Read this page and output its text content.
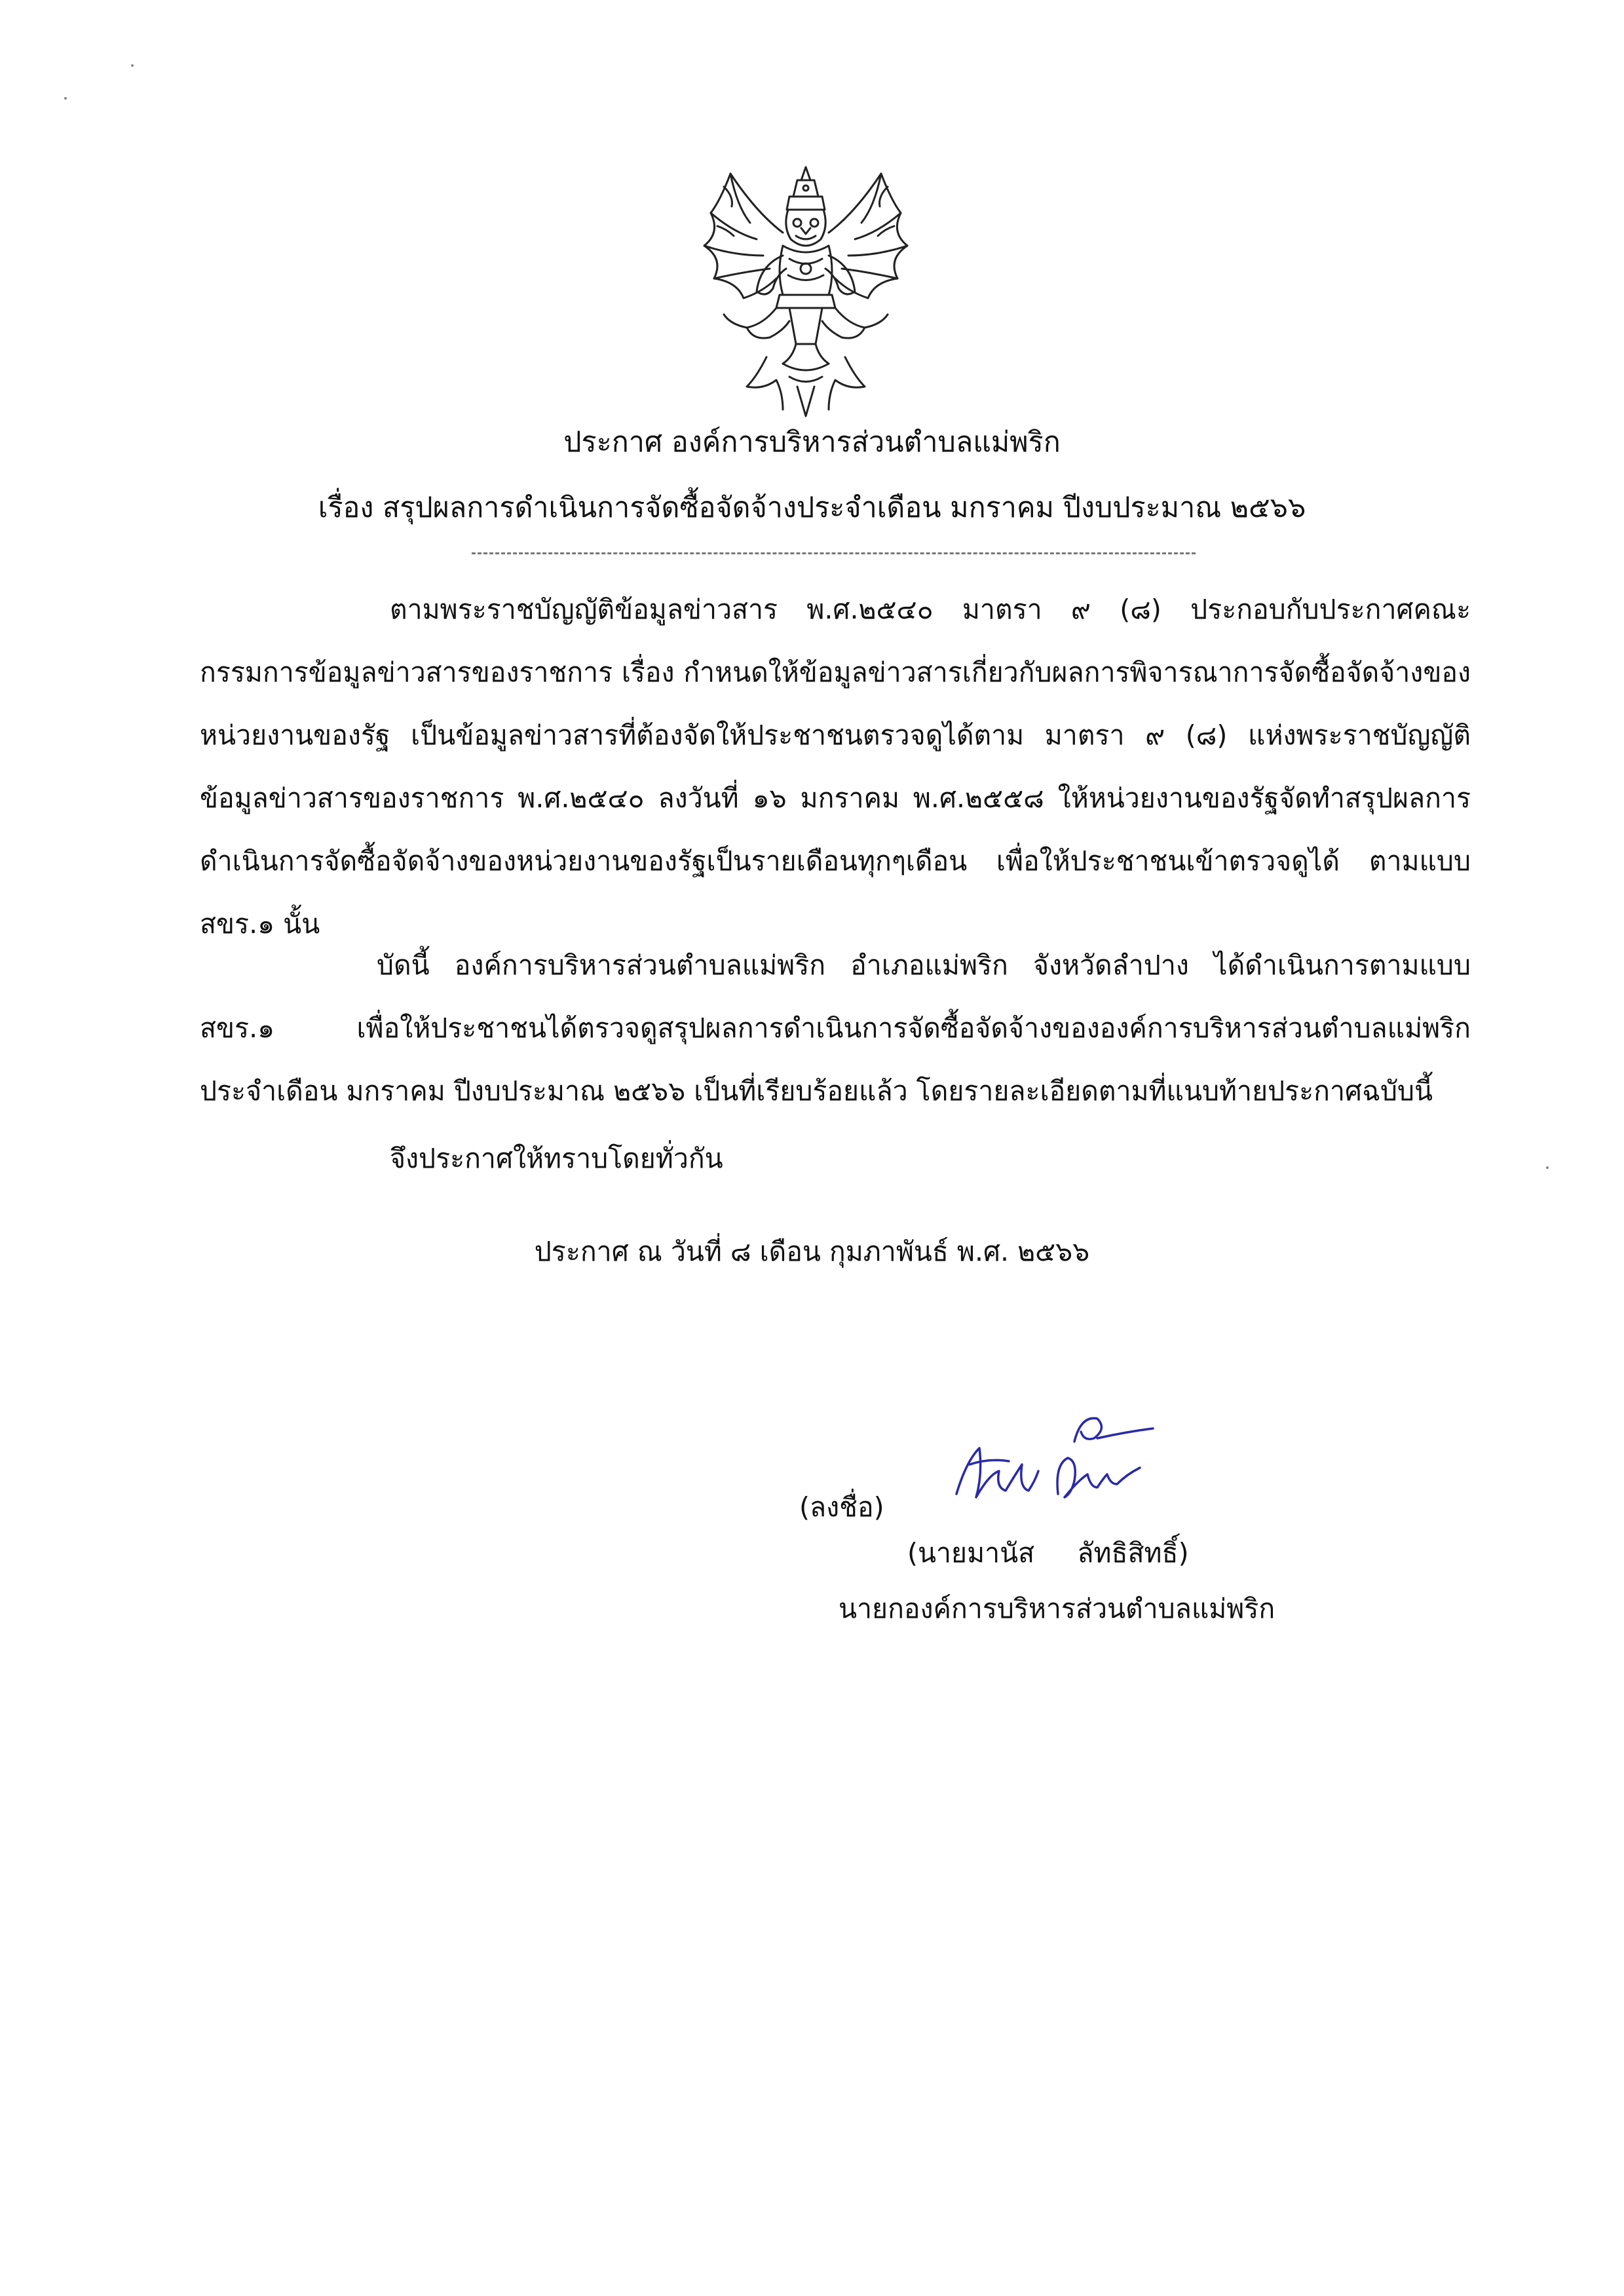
ประกาศ องค์การบริหารส่วนตำบลแม่พริก
เรื่อง สรุปผลการดำเนินการจัดซื้อจัดจ้างประจำเดือน มกราคม ปีงบประมาณ ๒๕๖๖
ตามพระราชบัญญัติข้อมูลข่าวสาร พ.ศ.๒๕๔๐ มาตรา ๙ (๘) ประกอบกับประกาศคณะกรรมการข้อมูลข่าวสารของราชการ เรื่อง กำหนดให้ข้อมูลข่าวสารเกี่ยวกับผลการพิจารณาการจัดซื้อจัดจ้างของหน่วยงานของรัฐ เป็นข้อมูลข่าวสารที่ต้องจัดให้ประชาชนตรวจดูได้ตาม มาตรา ๙ (๘) แห่งพระราชบัญญัติข้อมูลข่าวสารของราชการ พ.ศ.๒๕๔๐ ลงวันที่ ๑๖ มกราคม พ.ศ.๒๕๕๘ ให้หน่วยงานของรัฐจัดทำสรุปผลการดำเนินการจัดซื้อจัดจ้างของหน่วยงานของรัฐเป็นรายเดือนทุกๆเดือน เพื่อให้ประชาชนเข้าตรวจดูได้ ตามแบบ สขร.๑ นั้น
บัดนี้ องค์การบริหารส่วนตำบลแม่พริก อำเภอแม่พริก จังหวัดลำปาง ได้ดำเนินการตามแบบ สขร.๑ เพื่อให้ประชาชนได้ตรวจดูสรุปผลการดำเนินการจัดซื้อจัดจ้างขององค์การบริหารส่วนตำบลแม่พริก ประจำเดือน มกราคม ปีงบประมาณ ๒๕๖๖ เป็นที่เรียบร้อยแล้ว โดยรายละเอียดตามที่แนบท้ายประกาศฉบับนี้
จึงประกาศให้ทราบโดยทั่วกัน
ประกาศ ณ วันที่ ๘ เดือน กุมภาพันธ์ พ.ศ. ๒๕๖๖
(ลงชื่อ)
(นายมานัส     ลัทธิสิทธิ์)
นายกองค์การบริหารส่วนตำบลแม่พริก
